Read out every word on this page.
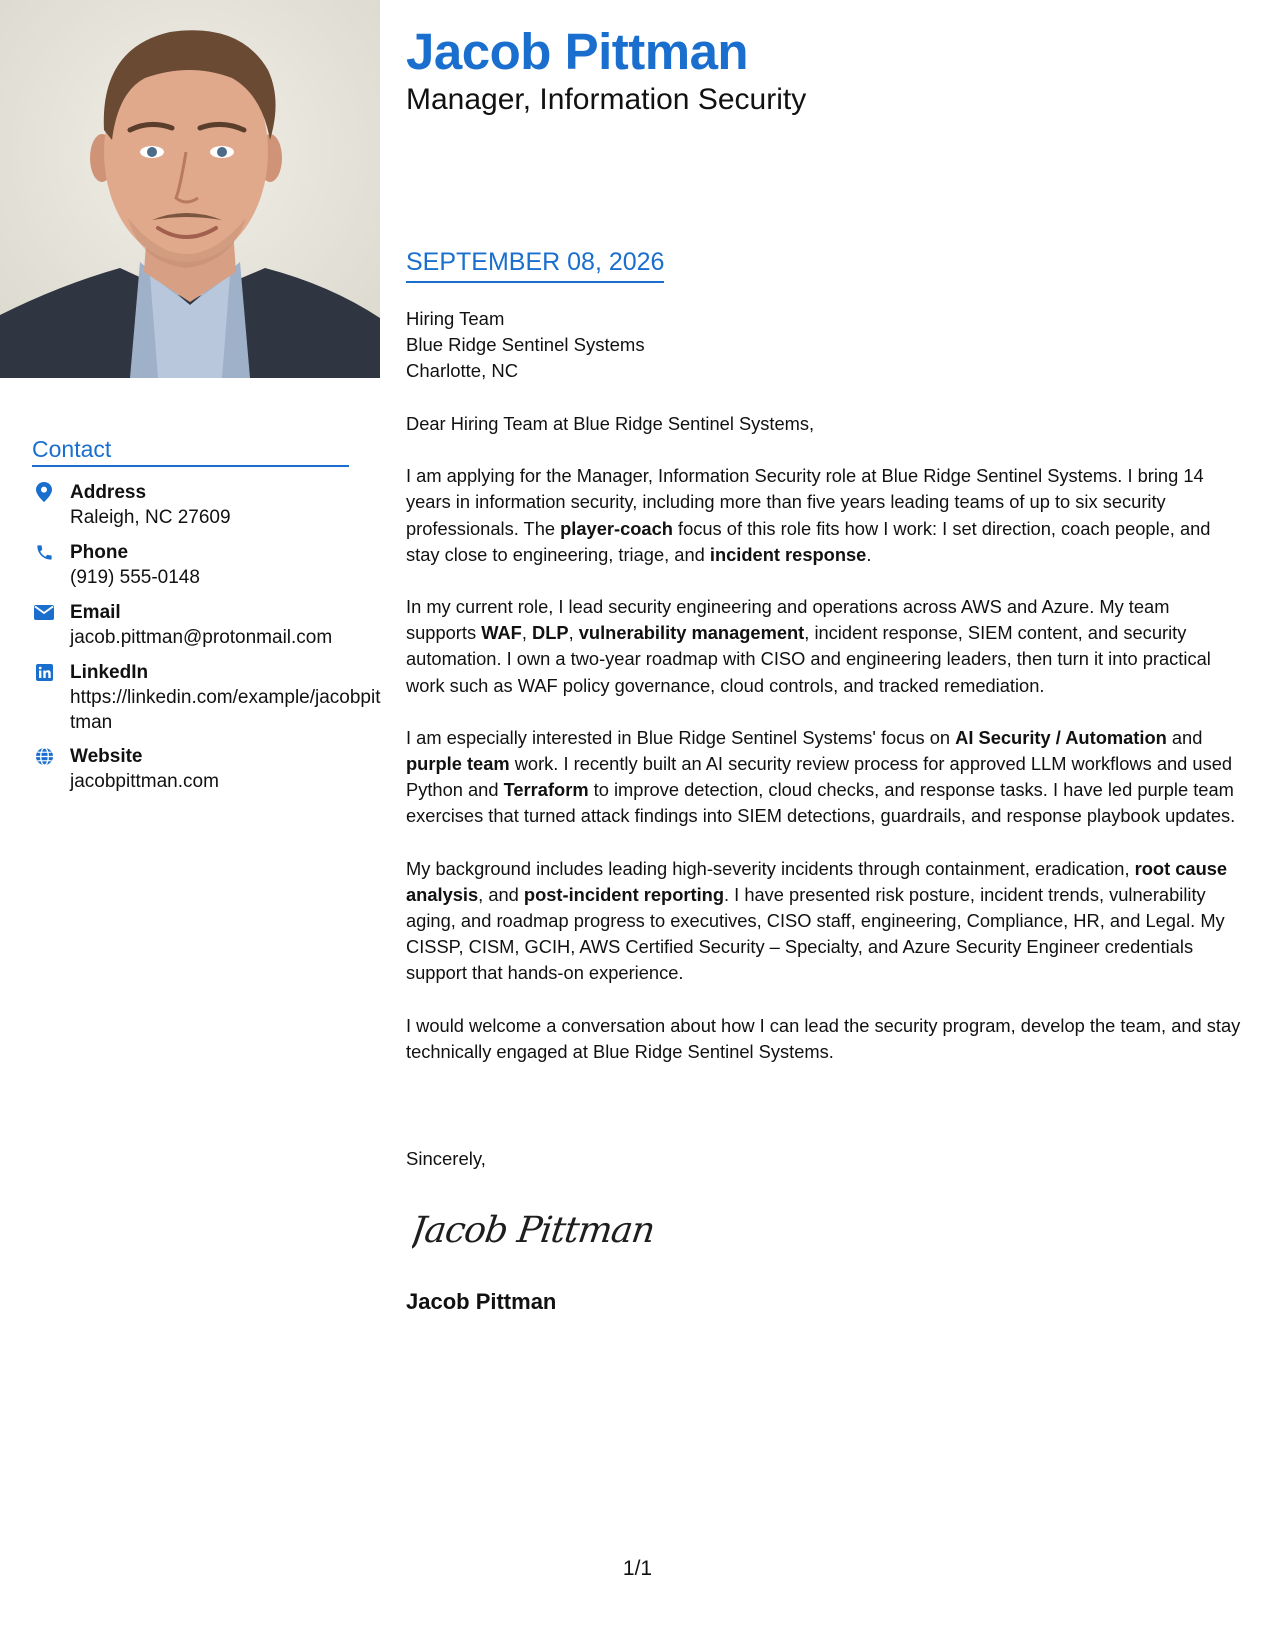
Contact
Address
Raleigh, NC 27609
Phone
(919) 555-0148
Email
jacob.pittman@protonmail.com
LinkedIn
https://linkedin.com/example/jacobpittman
Website
jacobpittman.com
Jacob Pittman
Manager, Information Security
SEPTEMBER 08, 2026
Hiring Team
Blue Ridge Sentinel Systems
Charlotte, NC

Dear Hiring Team at Blue Ridge Sentinel Systems,

I am applying for the Manager, Information Security role at Blue Ridge Sentinel Systems. I bring 14 years in information security, including more than five years leading teams of up to six security professionals. The player-coach focus of this role fits how I work: I set direction, coach people, and stay close to engineering, triage, and incident response.

In my current role, I lead security engineering and operations across AWS and Azure. My team supports WAF, DLP, vulnerability management, incident response, SIEM content, and security automation. I own a two-year roadmap with CISO and engineering leaders, then turn it into practical work such as WAF policy governance, cloud controls, and tracked remediation.

I am especially interested in Blue Ridge Sentinel Systems' focus on AI Security / Automation and purple team work. I recently built an AI security review process for approved LLM workflows and used Python and Terraform to improve detection, cloud checks, and response tasks. I have led purple team exercises that turned attack findings into SIEM detections, guardrails, and response playbook updates.

My background includes leading high-severity incidents through containment, eradication, root cause analysis, and post-incident reporting. I have presented risk posture, incident trends, vulnerability aging, and roadmap progress to executives, CISO staff, engineering, Compliance, HR, and Legal. My CISSP, CISM, GCIH, AWS Certified Security – Specialty, and Azure Security Engineer credentials support that hands-on experience.

I would welcome a conversation about how I can lead the security program, develop the team, and stay technically engaged at Blue Ridge Sentinel Systems.

Sincerely,
Jacob Pittman
Jacob Pittman
1/1
